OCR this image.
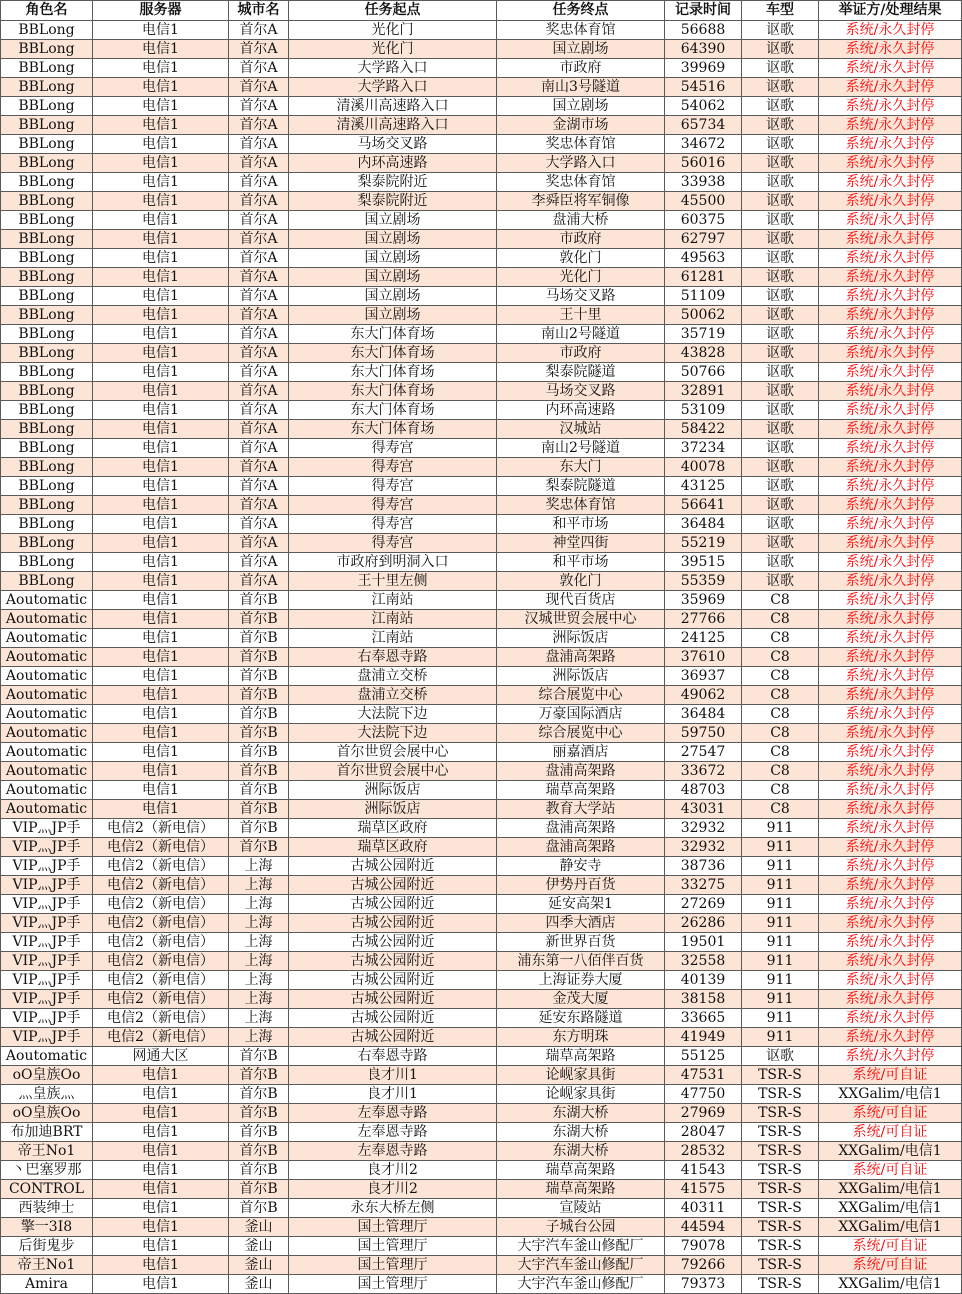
角色名	服务器	城市名	任务起点	任务终点	记录时间	车型	举证方/处理结果
BBLong	电信1	首尔A	光化门	奖忠体育馆	56688	讴歌	系统/永久封停
BBLong	电信1	首尔A	光化门	国立剧场	64390	讴歌	系统/永久封停
BBLong	电信1	首尔A	大学路入口	市政府	39969	讴歌	系统/永久封停
BBLong	电信1	首尔A	大学路入口	南山3号隧道	54516	讴歌	系统/永久封停
BBLong	电信1	首尔A	清溪川高速路入口	国立剧场	54062	讴歌	系统/永久封停
BBLong	电信1	首尔A	清溪川高速路入口	金湖市场	65734	讴歌	系统/永久封停
BBLong	电信1	首尔A	马场交叉路	奖忠体育馆	34672	讴歌	系统/永久封停
BBLong	电信1	首尔A	内环高速路	大学路入口	56016	讴歌	系统/永久封停
BBLong	电信1	首尔A	梨泰院附近	奖忠体育馆	33938	讴歌	系统/永久封停
BBLong	电信1	首尔A	梨泰院附近	李舜臣将军铜像	45500	讴歌	系统/永久封停
BBLong	电信1	首尔A	国立剧场	盘浦大桥	60375	讴歌	系统/永久封停
BBLong	电信1	首尔A	国立剧场	市政府	62797	讴歌	系统/永久封停
BBLong	电信1	首尔A	国立剧场	敦化门	49563	讴歌	系统/永久封停
BBLong	电信1	首尔A	国立剧场	光化门	61281	讴歌	系统/永久封停
BBLong	电信1	首尔A	国立剧场	马场交叉路	51109	讴歌	系统/永久封停
BBLong	电信1	首尔A	国立剧场	王十里	50062	讴歌	系统/永久封停
BBLong	电信1	首尔A	东大门体育场	南山2号隧道	35719	讴歌	系统/永久封停
BBLong	电信1	首尔A	东大门体育场	市政府	43828	讴歌	系统/永久封停
BBLong	电信1	首尔A	东大门体育场	梨泰院隧道	50766	讴歌	系统/永久封停
BBLong	电信1	首尔A	东大门体育场	马场交叉路	32891	讴歌	系统/永久封停
BBLong	电信1	首尔A	东大门体育场	内环高速路	53109	讴歌	系统/永久封停
BBLong	电信1	首尔A	东大门体育场	汉城站	58422	讴歌	系统/永久封停
BBLong	电信1	首尔A	得寿宫	南山2号隧道	37234	讴歌	系统/永久封停
BBLong	电信1	首尔A	得寿宫	东大门	40078	讴歌	系统/永久封停
BBLong	电信1	首尔A	得寿宫	梨泰院隧道	43125	讴歌	系统/永久封停
BBLong	电信1	首尔A	得寿宫	奖忠体育馆	56641	讴歌	系统/永久封停
BBLong	电信1	首尔A	得寿宫	和平市场	36484	讴歌	系统/永久封停
BBLong	电信1	首尔A	得寿宫	神堂四街	55219	讴歌	系统/永久封停
BBLong	电信1	首尔A	市政府到明洞入口	和平市场	39515	讴歌	系统/永久封停
BBLong	电信1	首尔A	王十里左侧	敦化门	55359	讴歌	系统/永久封停
Aoutomatic	电信1	首尔B	江南站	现代百货店	35969	C8	系统/永久封停
Aoutomatic	电信1	首尔B	江南站	汉城世贸会展中心	27766	C8	系统/永久封停
Aoutomatic	电信1	首尔B	江南站	洲际饭店	24125	C8	系统/永久封停
Aoutomatic	电信1	首尔B	右奉恩寺路	盘浦高架路	37610	C8	系统/永久封停
Aoutomatic	电信1	首尔B	盘浦立交桥	洲际饭店	36937	C8	系统/永久封停
Aoutomatic	电信1	首尔B	盘浦立交桥	综合展览中心	49062	C8	系统/永久封停
Aoutomatic	电信1	首尔B	大法院下边	万豪国际酒店	36484	C8	系统/永久封停
Aoutomatic	电信1	首尔B	大法院下边	综合展览中心	59750	C8	系统/永久封停
Aoutomatic	电信1	首尔B	首尔世贸会展中心	丽嘉酒店	27547	C8	系统/永久封停
Aoutomatic	电信1	首尔B	首尔世贸会展中心	盘浦高架路	33672	C8	系统/永久封停
Aoutomatic	电信1	首尔B	洲际饭店	瑞草高架路	48703	C8	系统/永久封停
Aoutomatic	电信1	首尔B	洲际饭店	教育大学站	43031	C8	系统/永久封停
VIP灬JP手	电信2（新电信）	首尔B	瑞草区政府	盘浦高架路	32932	911	系统/永久封停
VIP灬JP手	电信2（新电信）	首尔B	瑞草区政府	盘浦高架路	32932	911	系统/永久封停
VIP灬JP手	电信2（新电信）	上海	古城公园附近	静安寺	38736	911	系统/永久封停
VIP灬JP手	电信2（新电信）	上海	古城公园附近	伊势丹百货	33275	911	系统/永久封停
VIP灬JP手	电信2（新电信）	上海	古城公园附近	延安高架1	27269	911	系统/永久封停
VIP灬JP手	电信2（新电信）	上海	古城公园附近	四季大酒店	26286	911	系统/永久封停
VIP灬JP手	电信2（新电信）	上海	古城公园附近	新世界百货	19501	911	系统/永久封停
VIP灬JP手	电信2（新电信）	上海	古城公园附近	浦东第一八佰伴百货	32558	911	系统/永久封停
VIP灬JP手	电信2（新电信）	上海	古城公园附近	上海证券大厦	40139	911	系统/永久封停
VIP灬JP手	电信2（新电信）	上海	古城公园附近	金茂大厦	38158	911	系统/永久封停
VIP灬JP手	电信2（新电信）	上海	古城公园附近	延安东路隧道	33665	911	系统/永久封停
VIP灬JP手	电信2（新电信）	上海	古城公园附近	东方明珠	41949	911	系统/永久封停
Aoutomatic	网通大区	首尔B	右奉恩寺路	瑞草高架路	55125	讴歌	系统/永久封停
oO皇族Oo	电信1	首尔B	良才川1	论岘家具街	47531	TSR-S	系统/可自证
灬皇族灬	电信1	首尔B	良才川1	论岘家具街	47750	TSR-S	XXGalim/电信1
oO皇族Oo	电信1	首尔B	左奉恩寺路	东湖大桥	27969	TSR-S	系统/可自证
布加迪BRT	电信1	首尔B	左奉恩寺路	东湖大桥	28047	TSR-S	系统/可自证
帝王No1	电信1	首尔B	左奉恩寺路	东湖大桥	28532	TSR-S	XXGalim/电信1
丶巴塞罗那	电信1	首尔B	良才川2	瑞草高架路	41543	TSR-S	系统/可自证
CONTROL	电信1	首尔B	良才川2	瑞草高架路	41575	TSR-S	XXGalim/电信1
西装绅士	电信1	首尔B	永东大桥左侧	宣陵站	40311	TSR-S	XXGalim/电信1
擎一3I8	电信1	釜山	国土管理厅	子城台公园	44594	TSR-S	XXGalim/电信1
后街鬼步	电信1	釜山	国土管理厅	大宇汽车釜山修配厂	79078	TSR-S	系统/可自证
帝王No1	电信1	釜山	国土管理厅	大宇汽车釜山修配厂	79266	TSR-S	系统/可自证
Amira	电信1	釜山	国土管理厅	大宇汽车釜山修配厂	79373	TSR-S	XXGalim/电信1
